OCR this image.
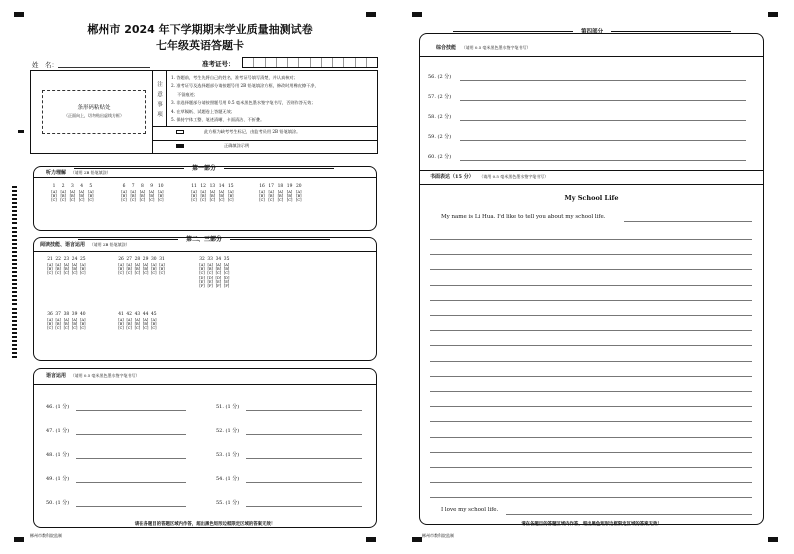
郴州市 2024 年下学期期末学业质量抽测试卷
七年级英语答题卡
姓　名：	准考证号：
条形码粘贴处
（正面向上，切勿贴出虚线方框）
注
意
事
项
1. 答题前，考生先将自己的姓名、准考证号填写清楚，并认真核对；
2. 准考证号及选择题部分请按题号用 2B 铅笔填涂方框，修改时用橡皮擦干净，
不留痕迹；
3. 非选择题部分请按照题号用 0.5 毫米黑色墨水签字笔书写，否则作答无效；
4. 在草稿纸、试题卷上答题无效；
5. 保持字体工整、笔迹清晰、卡面清洁、不折叠。
此方框为缺考考生标记，由监考员用 2B 铅笔填涂。
正确填涂示例
第一部分
听力理解 （请用 2B 铅笔填涂）
1
[A]
[B]
[C]
2
[A]
[B]
[C]
3
[A]
[B]
[C]
4
[A]
[B]
[C]
5
[A]
[B]
[C]
6
[A]
[B]
[C]
7
[A]
[B]
[C]
8
[A]
[B]
[C]
9
[A]
[B]
[C]
10
[A]
[B]
[C]
11
[A]
[B]
[C]
12
[A]
[B]
[C]
13
[A]
[B]
[C]
14
[A]
[B]
[C]
15
[A]
[B]
[C]
16
[A]
[B]
[C]
17
[A]
[B]
[C]
18
[A]
[B]
[C]
19
[A]
[B]
[C]
20
[A]
[B]
[C]
第二、三部分
阅读技能、语言运用 （请用 2B 铅笔填涂）
21
[A]
[B]
[C]
22
[A]
[B]
[C]
23
[A]
[B]
[C]
24
[A]
[B]
[C]
25
[A]
[B]
[C]
26
[A]
[B]
[C]
27
[A]
[B]
[C]
28
[A]
[B]
[C]
29
[A]
[B]
[C]
30
[A]
[B]
[C]
31
[A]
[B]
[C]
32
[A]
[B]
[C]
[D]
[E]
[F]
33
[A]
[B]
[C]
[D]
[E]
[F]
34
[A]
[B]
[C]
[D]
[E]
[F]
35
[A]
[B]
[C]
[D]
[E]
[F]
36
[A]
[B]
[C]
37
[A]
[B]
[C]
38
[A]
[B]
[C]
39
[A]
[B]
[C]
40
[A]
[B]
[C]
41
[A]
[B]
[C]
42
[A]
[B]
[C]
43
[A]
[B]
[C]
44
[A]
[B]
[C]
45
[A]
[B]
[C]
语言运用 （请用 0.5 毫米黑色墨水签字笔书写）
46. (1 分)
47. (1 分)
48. (1 分)
49. (1 分)
50. (1 分)
51. (1 分)
52. (1 分)
53. (1 分)
54. (1 分)
55. (1 分)
请在各题目的答题区域内作答，超出黑色矩形边框限定区域的答案无效！
郴州市教科院监制
第四部分
综合技能 （请用 0.5 毫米黑色墨水签字笔书写）
56. (2 分)
57. (2 分)
58. (2 分)
59. (2 分)
60. (2 分)
书面表达（15 分） （请用 0.5 毫米黑色墨水签字笔书写）
My School Life
My name is Li Hua. I'd like to tell you about my school life.
I love my school life.
请在各题目的答题区域内作答，超出黑色矩形边框限定区域的答案无效！
郴州市教科院监制
